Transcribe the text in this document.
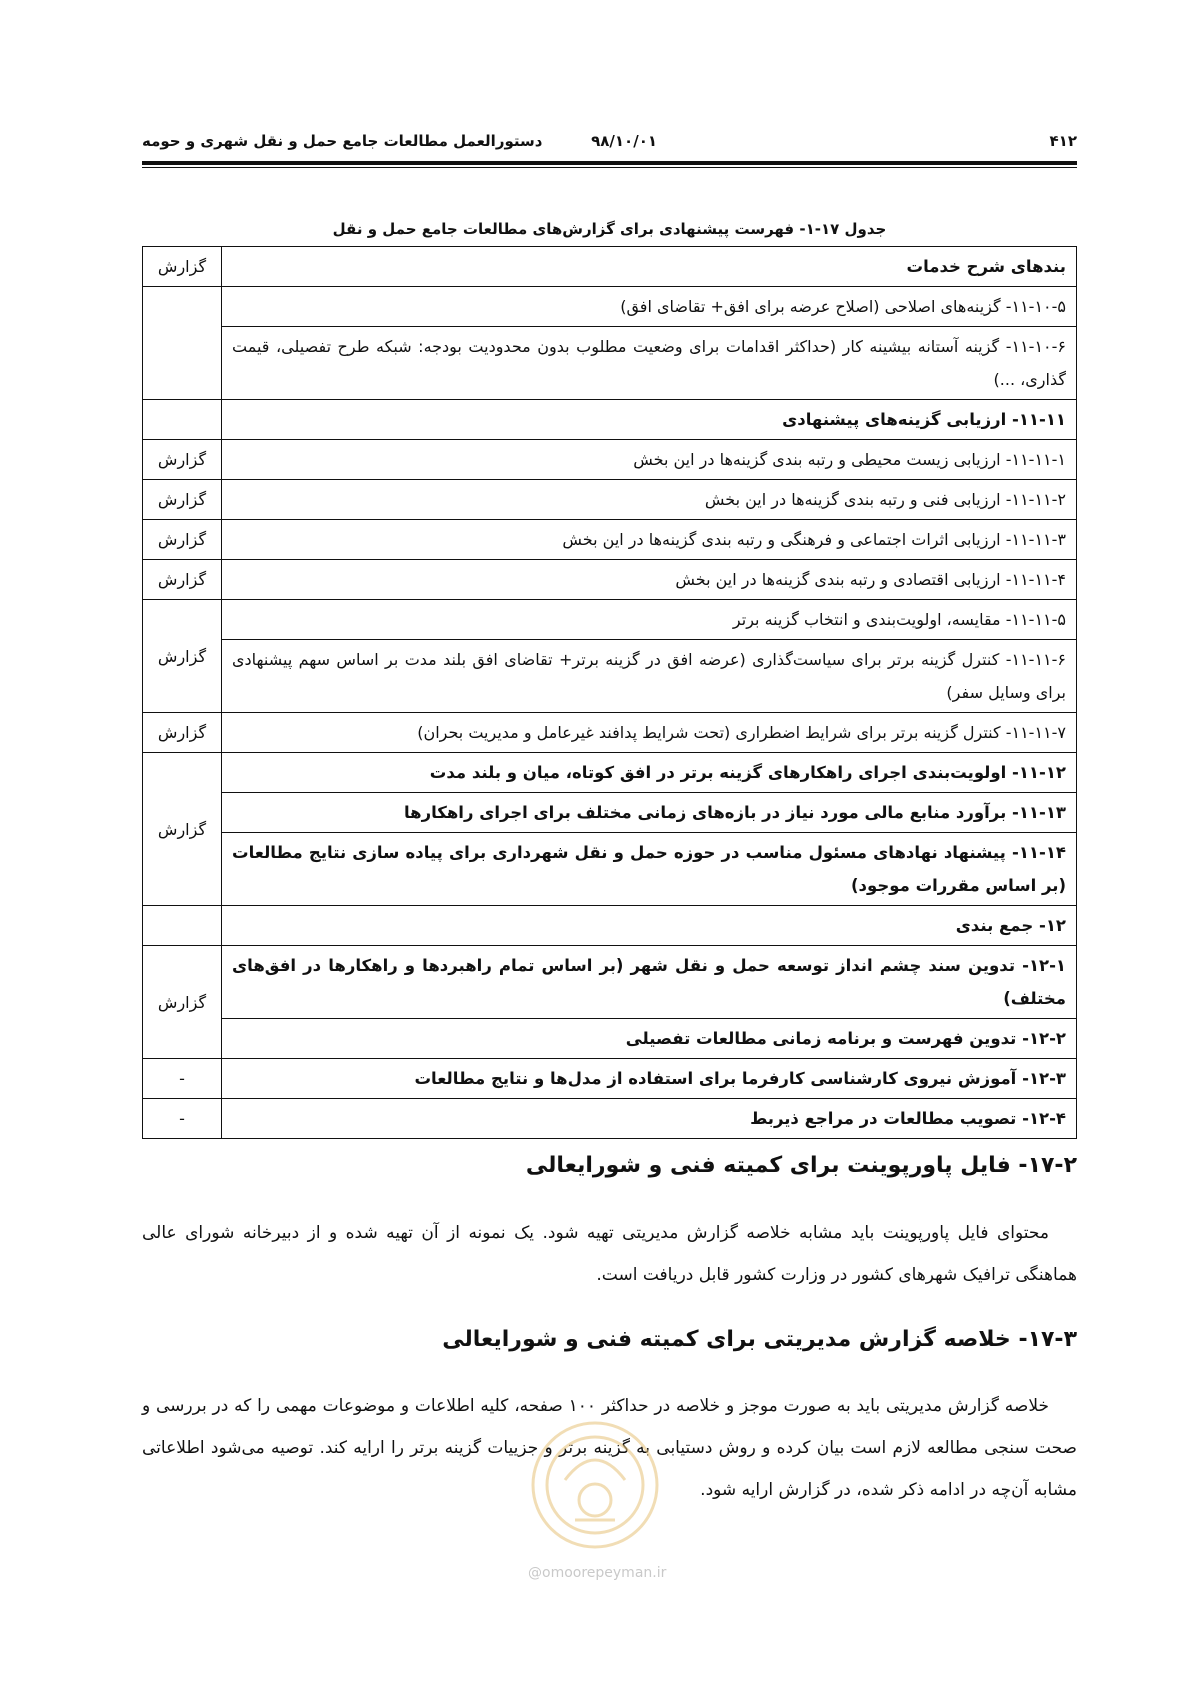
۴۱۲
۹۸/۱۰/۰۱
دستورالعمل مطالعات جامع حمل و نقل شهری و حومه
جدول ۱۷-۱- فهرست پیشنهادی برای گزارش‌های مطالعات جامع حمل و نقل
بندهای شرح خدمات	گزارش
۱۱-۱۰-۵- گزینه‌های اصلاحی (اصلاح عرضه برای افق+ تقاضای افق)	
۱۱-۱۰-۶- گزینه آستانه بیشینه کار (حداکثر اقدامات برای وضعیت مطلوب بدون محدودیت بودجه: شبکه طرح تفصیلی، قیمت گذاری، ...)	
۱۱-۱۱- ارزیابی گزینه‌های پیشنهادی	
۱۱-۱۱-۱- ارزیابی زیست محیطی و رتبه بندی گزینه‌ها در این بخش	گزارش
۱۱-۱۱-۲- ارزیابی فنی و رتبه بندی گزینه‌ها در این بخش	گزارش
۱۱-۱۱-۳- ارزیابی اثرات اجتماعی و فرهنگی و رتبه بندی گزینه‌ها در این بخش	گزارش
۱۱-۱۱-۴- ارزیابی اقتصادی و رتبه بندی گزینه‌ها در این بخش	گزارش
۱۱-۱۱-۵- مقایسه، اولویت‌بندی و انتخاب گزینه برتر	گزارش
۱۱-۱۱-۶- کنترل گزینه برتر برای سیاست‌گذاری (عرضه افق در گزینه برتر+ تقاضای افق بلند مدت بر اساس سهم پیشنهادی برای وسایل سفر)	
۱۱-۱۱-۷- کنترل گزینه برتر برای شرایط اضطراری (تحت شرایط پدافند غیرعامل و مدیریت بحران)	گزارش
۱۱-۱۲- اولویت‌بندی اجرای راهکارهای گزینه برتر در افق کوتاه، میان و بلند مدت	گزارش
۱۱-۱۳- برآورد منابع مالی مورد نیاز در بازه‌های زمانی مختلف برای اجرای راهکارها	
۱۱-۱۴- پیشنهاد نهادهای مسئول مناسب در حوزه حمل و نقل شهرداری برای پیاده سازی نتایج مطالعات (بر اساس مقررات موجود)	
۱۲- جمع بندی	
۱۲-۱- تدوین سند چشم انداز توسعه حمل و نقل شهر (بر اساس تمام راهبردها و راهکارها در افق‌های مختلف)	گزارش
۱۲-۲- تدوین فهرست و برنامه زمانی مطالعات تفصیلی	
۱۲-۳- آموزش نیروی کارشناسی کارفرما برای استفاده از مدل‌ها و نتایج مطالعات	-
۱۲-۴- تصویب مطالعات در مراجع ذیربط	-
۱۷-۲- فایل پاورپوینت برای کمیته فنی و شورایعالی
محتوای فایل پاورپوینت باید مشابه خلاصه گزارش مدیریتی تهیه شود. یک نمونه از آن تهیه شده و از دبیرخانه شورای عالی هماهنگی ترافیک شهرهای کشور در وزارت کشور قابل دریافت است.
۱۷-۳- خلاصه گزارش مدیریتی برای کمیته فنی و شورایعالی
خلاصه گزارش مدیریتی باید به صورت موجز و خلاصه در حداکثر ۱۰۰ صفحه، کلیه اطلاعات و موضوعات مهمی را که در بررسی و صحت سنجی مطالعه لازم است بیان کرده و روش دستیابی به گزینه برتر و جزییات گزینه برتر را ارایه کند. توصیه می‌شود اطلاعاتی مشابه آن‌چه در ادامه ذکر شده، در گزارش ارایه شود.
@omoorepeyman.ir
